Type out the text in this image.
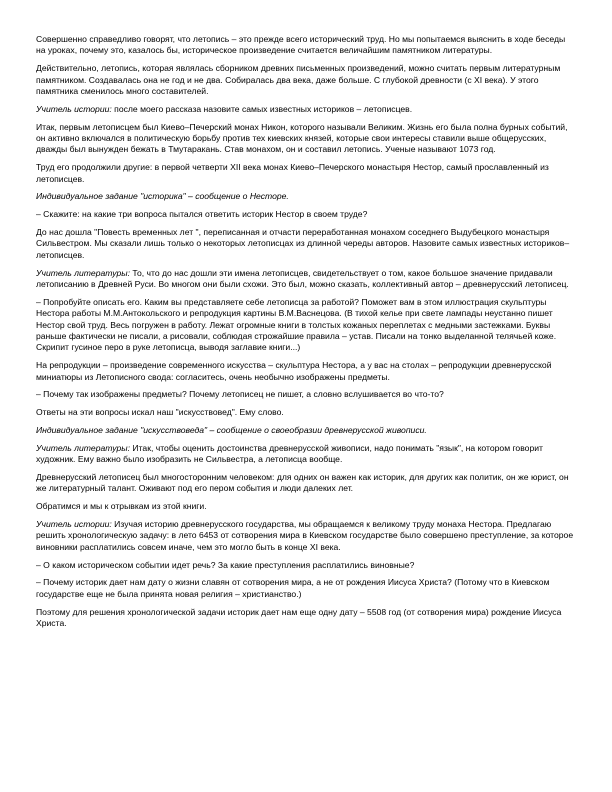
Совершенно справедливо говорят, что летопись – это прежде всего исторический труд. Но мы попытаемся выяснить в ходе беседы на уроках, почему это, казалось бы, историческое произведение считается величайшим памятником литературы.

Действительно, летопись, которая являлась сборником древних письменных произведений, можно считать первым литературным памятником. Создавалась она не год и не два. Собиралась два века, даже больше. С глубокой древности (с XI века). У этого памятника сменилось много составителей.

Учитель истории: после моего рассказа назовите самых известных историков – летописцев.

Итак, первым летописцем был Киево–Печерский монах Никон, которого называли Великим. Жизнь его была полна бурных событий, он активно включался в политическую борьбу против тех киевских князей, которые свои интересы ставили выше общерусских, дважды был вынужден бежать в Тмутаракань. Став монахом, он и составил летопись. Ученые называют 1073 год.

Труд его продолжили другие: в первой четверти XII века монах Киево–Печерского монастыря Нестор, самый прославленный из летописцев.

Индивидуальное задание "историка" – сообщение о Несторе.

– Скажите: на какие три вопроса пытался ответить историк Нестор в своем труде?

До нас дошла "Повесть временных лет ", переписанная и отчасти переработанная монахом соседнего Выдубецкого монастыря Сильвестром. Мы сказали лишь только о некоторых летописцах из длинной череды авторов. Назовите самых известных историков–летописцев.

Учитель литературы: То, что до нас дошли эти имена летописцев, свидетельствует о том, какое большое значение придавали летописанию в Древней Руси. Во многом они были схожи. Это был, можно сказать, коллективный автор – древнерусский летописец.

– Попробуйте описать его. Каким вы представляете себе летописца за работой? Поможет вам в этом иллюстрация скульптуры Нестора работы М.М.Антокольского и репродукция картины В.М.Васнецова. (В тихой келье при свете лампады неустанно пишет Нестор свой труд. Весь погружен в работу. Лежат огромные книги в толстых кожаных переплетах с медными застежками. Буквы раньше фактически не писали, а рисовали, соблюдая строжайшие правила – устав. Писали на тонко выделанной телячьей коже. Скрипит гусиное перо в руке летописца, выводя заглавие книги...)

На репродукции – произведение современного искусства – скульптура Нестора, а у вас на столах – репродукции древнерусской миниатюры из Летописного свода: согласитесь, очень необычно изображены предметы.

– Почему так изображены предметы? Почему летописец не пишет, а словно вслушивается во что-то?

Ответы на эти вопросы искал наш "искусствовед". Ему слово.

Индивидуальное задание "искусствоведа" – сообщение о своеобразии древнерусской живописи.

Учитель литературы: Итак, чтобы оценить достоинства древнерусской живописи, надо понимать "язык", на котором говорит художник. Ему важно было изобразить не Сильвестра, а летописца вообще.

Древнерусский летописец был многосторонним человеком: для одних он важен как историк, для других как политик, он же юрист, он же литературный талант. Оживают под его пером события и люди далеких лет.

Обратимся и мы к отрывкам из этой книги.

Учитель истории: Изучая историю древнерусского государства, мы обращаемся к великому труду монаха Нестора. Предлагаю решить хронологическую задачу: в лето 6453 от сотворения мира в Киевском государстве было совершено преступление, за которое виновники расплатились совсем иначе, чем это могло быть в конце XI века.

– О каком историческом событии идет речь? За какие преступления расплатились виновные?

– Почему историк дает нам дату о жизни славян от сотворения мира, а не от рождения Иисуса Христа? (Потому что в Киевском государстве еще не была принята новая религия – христианство.)

Поэтому для решения хронологической задачи историк дает нам еще одну дату – 5508 год (от сотворения мира) рождение Иисуса Христа.
